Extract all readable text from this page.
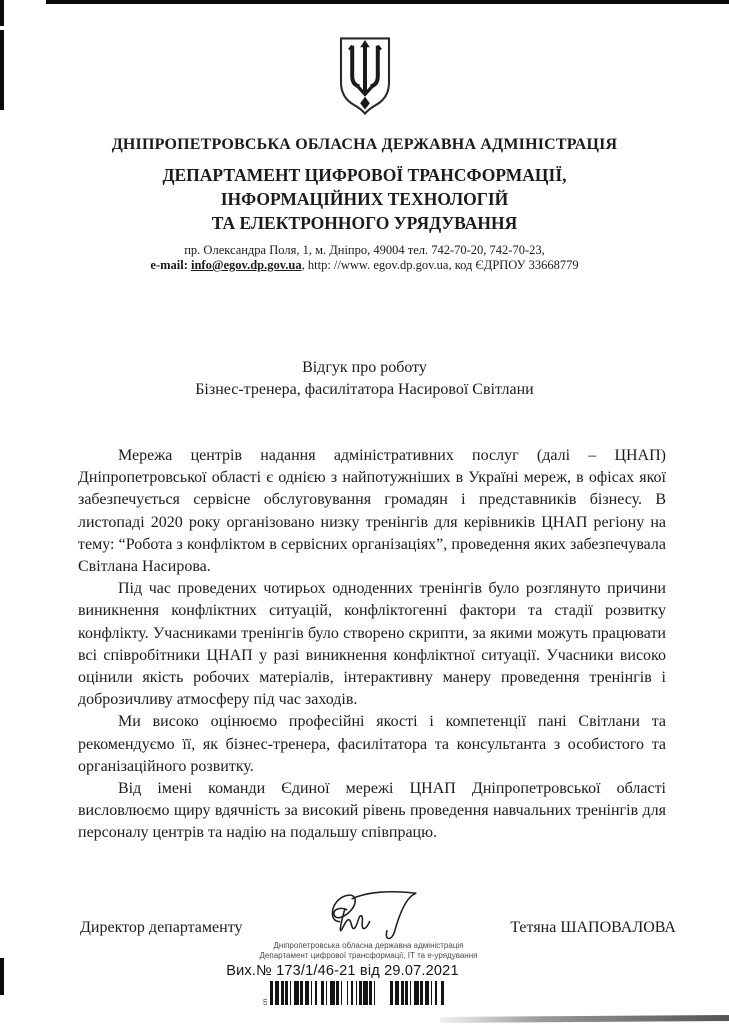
ДНІПРОПЕТРОВСЬКА ОБЛАСНА ДЕРЖАВНА АДМІНІСТРАЦІЯ
ДЕПАРТАМЕНТ ЦИФРОВОЇ ТРАНСФОРМАЦІЇ,
ІНФОРМАЦІЙНИХ ТЕХНОЛОГІЙ
ТА ЕЛЕКТРОННОГО УРЯДУВАННЯ
пр. Олександра Поля, 1, м. Дніпро, 49004 тел. 742-70-20, 742-70-23,
e-mail: info@egov.dp.gov.ua, http: //www. egov.dp.gov.ua, код ЄДРПОУ 33668779
Відгук про роботу
Бізнес-тренера, фасилітатора Насирової Світлани

Мережа центрів надання адміністративних послуг (далі – ЦНАП) Дніпропетровської області є однією з найпотужніших в Україні мереж, в офісах якої забезпечується сервісне обслуговування громадян і представників бізнесу. В листопаді 2020 року організовано низку тренінгів для керівників ЦНАП регіону на тему: “Робота з конфліктом в сервісних організаціях”, проведення яких забезпечувала Світлана Насирова.

Під час проведених чотирьох одноденних тренінгів було розглянуто причини виникнення конфліктних ситуацій, конфліктогенні фактори та стадії розвитку конфлікту. Учасниками тренінгів було створено скрипти, за якими можуть працювати всі співробітники ЦНАП у разі виникнення конфліктної ситуації. Учасники високо оцінили якість робочих матеріалів, інтерактивну манеру проведення тренінгів і доброзичливу атмосферу під час заходів.

Ми високо оцінюємо професійні якості і компетенції пані Світлани та рекомендуємо її, як бізнес-тренера, фасилітатора та консультанта з особистого та організаційного розвитку.

Від імені команди Єдиної мережі ЦНАП Дніпропетровської області висловлюємо щиру вдячність за високий рівень проведення навчальних тренінгів для персоналу центрів та надію на подальшу співпрацю.

Директор департаменту	Тетяна ШАПОВАЛОВА
Дніпропетровська обласна державна адміністрація
Департамент цифрової трансформації, ІТ та е-урядування
Вих.№ 173/1/46-21 від 29.07.2021
сп
